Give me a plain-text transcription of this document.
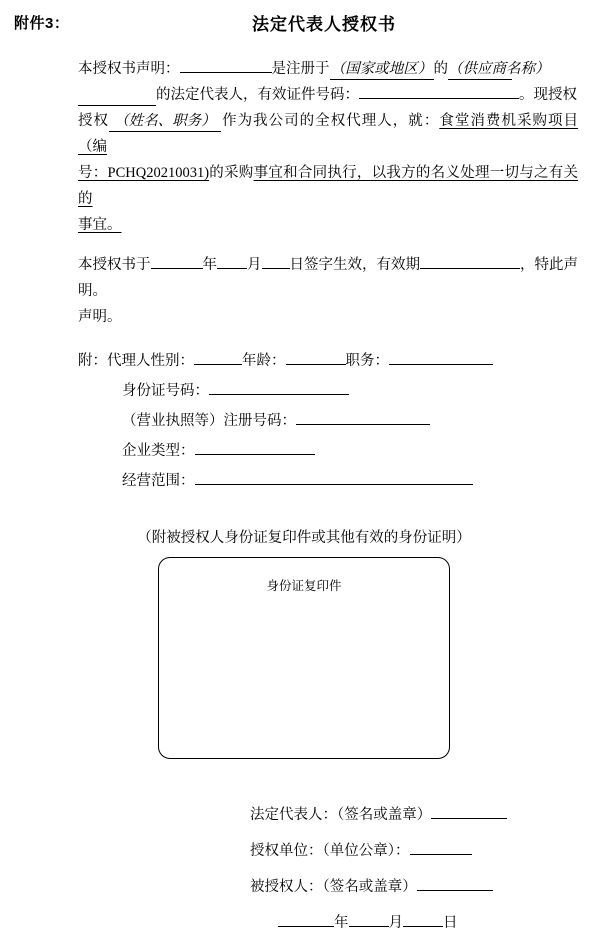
附件3：	法定代表人授权书

本授权书声明：	是注册于（国家或地区）的（供应商名称）
的法定代表人，有效证件号码：	。现授权
授权 （姓名、职务） 作为我公司的全权代理人，就：食堂消费机采购项目（编
号：PCHQ20210031)的采购事宜和合同执行，以我方的名义处理一切与之有关的
事宜。

本授权书于	年 月 日签字生效，有效期	，特此声明。
声明。

附：代理人性别：	年龄：	职务：
身份证号码：
（营业执照等）注册号码：
企业类型：
经营范围：
（附被授权人身份证复印件或其他有效的身份证明）
身份证复印件
法定代表人：（签名或盖章）
授权单位：（单位公章）：
被授权人：（签名或盖章）
年	月	日
